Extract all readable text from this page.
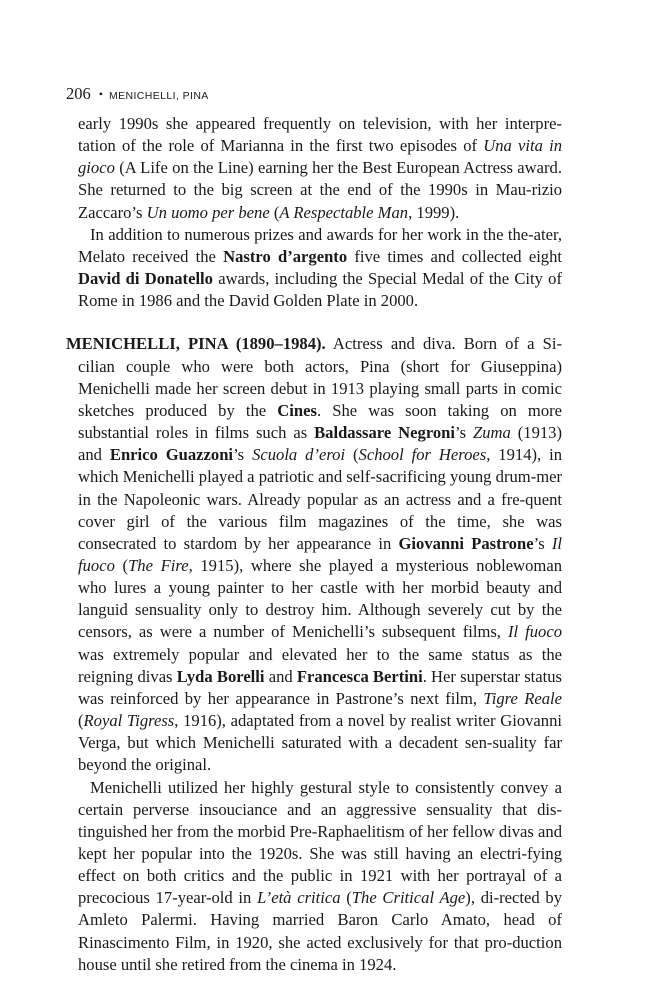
206 • MENICHELLI, PINA

early 1990s she appeared frequently on television, with her interpre-tation of the role of Marianna in the first two episodes of Una vita in gioco (A Life on the Line) earning her the Best European Actress award. She returned to the big screen at the end of the 1990s in Mau-rizio Zaccaro’s Un uomo per bene (A Respectable Man, 1999).

In addition to numerous prizes and awards for her work in the the-ater, Melato received the Nastro d’argento five times and collected eight David di Donatello awards, including the Special Medal of the City of Rome in 1986 and the David Golden Plate in 2000.

MENICHELLI, PINA (1890–1984). Actress and diva. Born of a Si-cilian couple who were both actors, Pina (short for Giuseppina) Menichelli made her screen debut in 1913 playing small parts in comic sketches produced by the Cines. She was soon taking on more substantial roles in films such as Baldassare Negroni’s Zuma (1913) and Enrico Guazzoni’s Scuola d’eroi (School for Heroes, 1914), in which Menichelli played a patriotic and self-sacrificing young drum-mer in the Napoleonic wars. Already popular as an actress and a fre-quent cover girl of the various film magazines of the time, she was consecrated to stardom by her appearance in Giovanni Pastrone’s Il fuoco (The Fire, 1915), where she played a mysterious noblewoman who lures a young painter to her castle with her morbid beauty and languid sensuality only to destroy him. Although severely cut by the censors, as were a number of Menichelli’s subsequent films, Il fuoco was extremely popular and elevated her to the same status as the reigning divas Lyda Borelli and Francesca Bertini. Her superstar status was reinforced by her appearance in Pastrone’s next film, Tigre Reale (Royal Tigress, 1916), adaptated from a novel by realist writer Giovanni Verga, but which Menichelli saturated with a decadent sen-suality far beyond the original.

Menichelli utilized her highly gestural style to consistently convey a certain perverse insouciance and an aggressive sensuality that dis-tinguished her from the morbid Pre-Raphaelitism of her fellow divas and kept her popular into the 1920s. She was still having an electri-fying effect on both critics and the public in 1921 with her portrayal of a precocious 17-year-old in L’età critica (The Critical Age), di-rected by Amleto Palermi. Having married Baron Carlo Amato, head of Rinascimento Film, in 1920, she acted exclusively for that pro-duction house until she retired from the cinema in 1924.
